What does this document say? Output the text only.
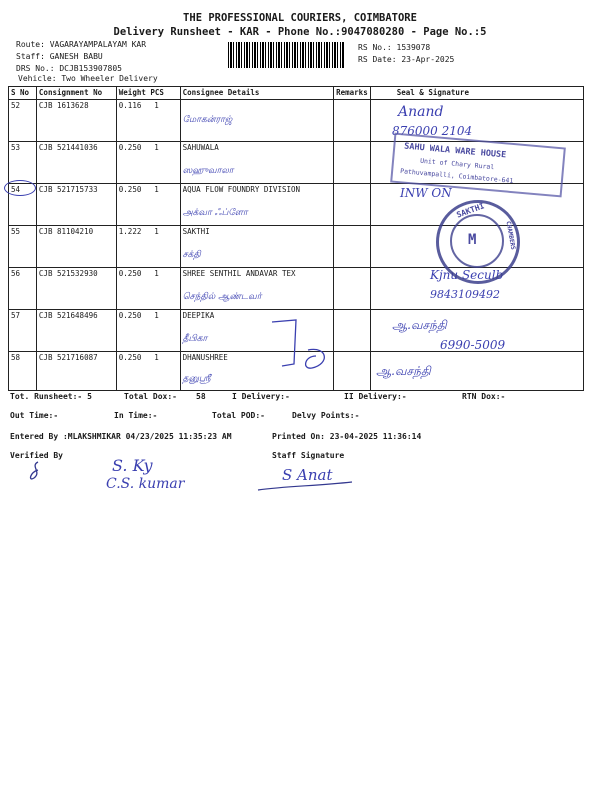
THE PROFESSIONAL COURIERS, COIMBATORE
Delivery Runsheet - KAR - Phone No.:9047080280 - Page No.:5
Route: VAGARAYAMPALAYAM KAR
Staff: GANESH BABU
DRS No.: DCJB153907805
Vehicle: Two Wheeler Delivery
RS No.: 1539078
RS Date: 23-Apr-2025
S No	Consignment No	Weight PCS		Consignee Details	Remarks	Seal & Signature
52	CJB 1613628	0.116	1	மோகன்ராஜ்		

53	CJB 521441036	0.250	1	SAHUWALA
ஸஹுவாலா		

54	CJB 521715733	0.250	1	AQUA FLOW FOUNDRY DIVISION
அக்வா ஃப்ளோ		

55	CJB 81104210	1.222	1	SAKTHI
சக்தி		

56	CJB 521532930	0.250	1	SHREE SENTHIL ANDAVAR TEX
செந்தில் ஆண்டவர்		

57	CJB 521648496	0.250	1	DEEPIKA
தீபிகா		

58	CJB 521716087	0.250	1	DHANUSHREE
தனுஸ்ரீ		

Anand
876000 2104
Kjnu Seculb
9843109492
ஆ.வசந்தி
6990-5009
ஆ.வசந்தி
SAHU WALA WARE HOUSE
Unit of Chary Rural
Pathuvampalli, Coimbatore-641
INW ON
SAKTHI
CHAMBERS
M
Tot. Runsheet:- 5	Total Dox:- 58	I Delivery:-	II Delivery:-	RTN Dox:-
Out Time:-	In Time:-	Total POD:-	Delvy Points:-
Entered By :MLAKSHMIKAR 04/23/2025 11:35:23 AM	Printed On: 23-04-2025 11:36:14
Verified By	Staff Signature
S. Ky
C.S. kumar	S Anat
